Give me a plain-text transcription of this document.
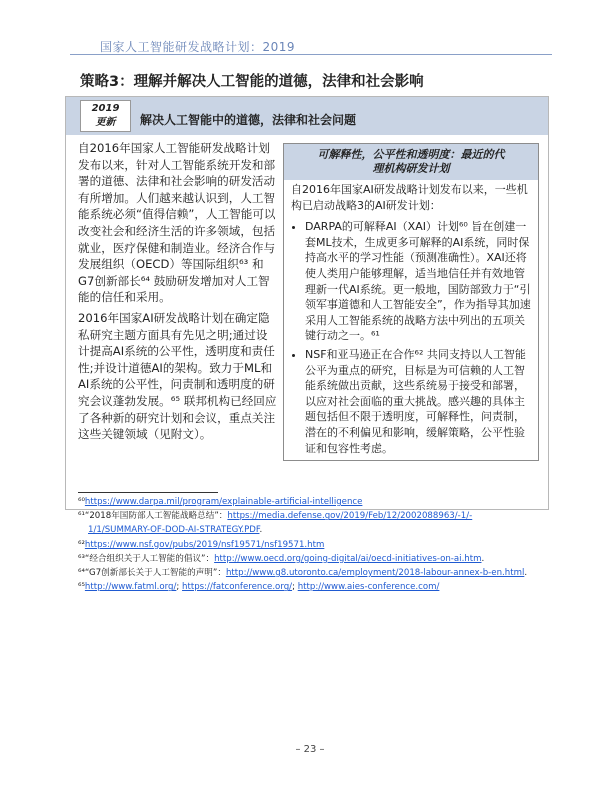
国家人工智能研发战略计划：2019
策略3：理解并解决人工智能的道德，法律和社会影响
2019
更新	解决人工智能中的道德，法律和社会问题

自2016年国家人工智能研发战略计划发布以来，针对人工智能系统开发和部署的道德、法律和社会影响的研发活动有所增加。人们越来越认识到，人工智能系统必须“值得信赖”，人工智能可以改变社会和经济生活的许多领域，包括就业，医疗保健和制造业。经济合作与发展组织（OECD）等国际组织⁶³ 和G7创新部长⁶⁴ 鼓励研发增加对人工智能的信任和采用。

2016年国家AI研发战略计划在确定隐私研究主题方面具有先见之明;通过设计提高AI系统的公平性，透明度和责任性;并设计道德AI的架构。致力于ML和AI系统的公平性，问责制和透明度的研究会议蓬勃发展。⁶⁵ 联邦机构已经回应了各种新的研究计划和会议，重点关注这些关键领域（见附文）。

可解释性，公平性和透明度：最近的代
理机构研发计划

自2016年国家AI研发战略计划发布以来，一些机构已启动战略3的AI研发计划：

• DARPA的可解释AI（XAI）计划⁶⁰ 旨在创建一套ML技术，生成更多可解释的AI系统，同时保持高水平的学习性能（预测准确性）。XAI还将使人类用户能够理解，适当地信任并有效地管理新一代AI系统。更一般地，国防部致力于“引领军事道德和人工智能安全”，作为指导其加速采用人工智能系统的战略方法中列出的五项关键行动之一。⁶¹
• NSF和亚马逊正在合作⁶² 共同支持以人工智能公平为重点的研究，目标是为可信赖的人工智能系统做出贡献，这些系统易于接受和部署，以应对社会面临的重大挑战。感兴趣的具体主题包括但不限于透明度，可解释性，问责制，潜在的不利偏见和影响，缓解策略，公平性验证和包容性考虑。
⁶⁰https://www.darpa.mil/program/explainable-artificial-intelligence
⁶¹“2018年国防部人工智能战略总结”：https://media.defense.gov/2019/Feb/12/2002088963/-1/-
1/1/SUMMARY-OF-DOD-AI-STRATEGY.PDF.
⁶²https://www.nsf.gov/pubs/2019/nsf19571/nsf19571.htm
⁶³“经合组织关于人工智能的倡议”：http://www.oecd.org/going-digital/ai/oecd-initiatives-on-ai.htm.
⁶⁴“G7创新部长关于人工智能的声明”：http://www.g8.utoronto.ca/employment/2018-labour-annex-b-en.html.
⁶⁵http://www.fatml.org/; https://fatconference.org/; http://www.aies-conference.com/
– 23 –
